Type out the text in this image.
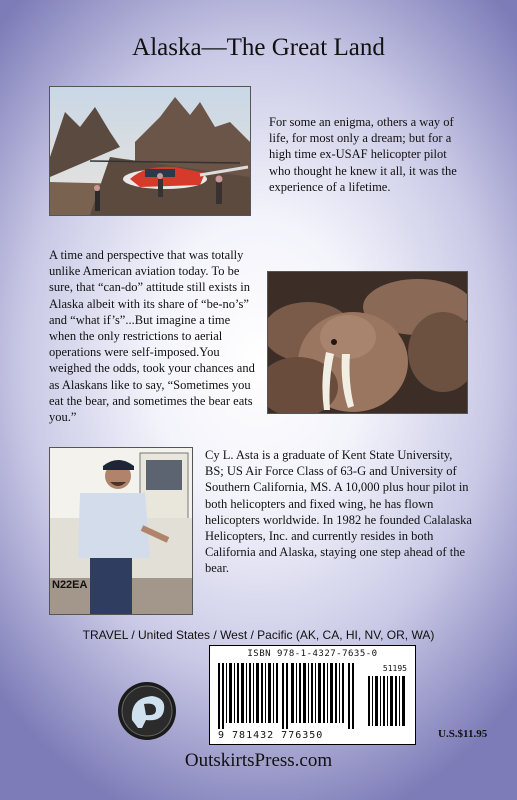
Alaska—The Great Land
For some an enigma, others a way of life, for most only a dream; but for a high time ex-USAF helicopter pilot who thought he knew it all, it was the experience of a lifetime.
A time and perspective that was totally unlike American aviation today. To be sure, that “can-do” attitude still exists in Alaska albeit with its share of “be-no’s” and “what if’s”...But imagine a time when the only restrictions to aerial operations were self-imposed.You weighed the odds, took your chances and as Alaskans like to say, “Sometimes you eat the bear, and sometimes the bear eats you.”
N22EA
Cy L. Asta is a graduate of Kent State University, BS; US Air Force Class of 63-G and University of Southern California, MS. A 10,000 plus hour pilot in both helicopters and fixed wing, he has flown helicopters worldwide. In 1982 he founded Calalaska Helicopters, Inc. and currently resides in both California and Alaska, staying one step ahead of the bear.
TRAVEL / United States / West / Pacific (AK, CA, HI, NV, OR, WA)
ISBN 978-1-4327-7635-0
51195
9 781432 776350	U.S.$11.95
OutskirtsPress.com
